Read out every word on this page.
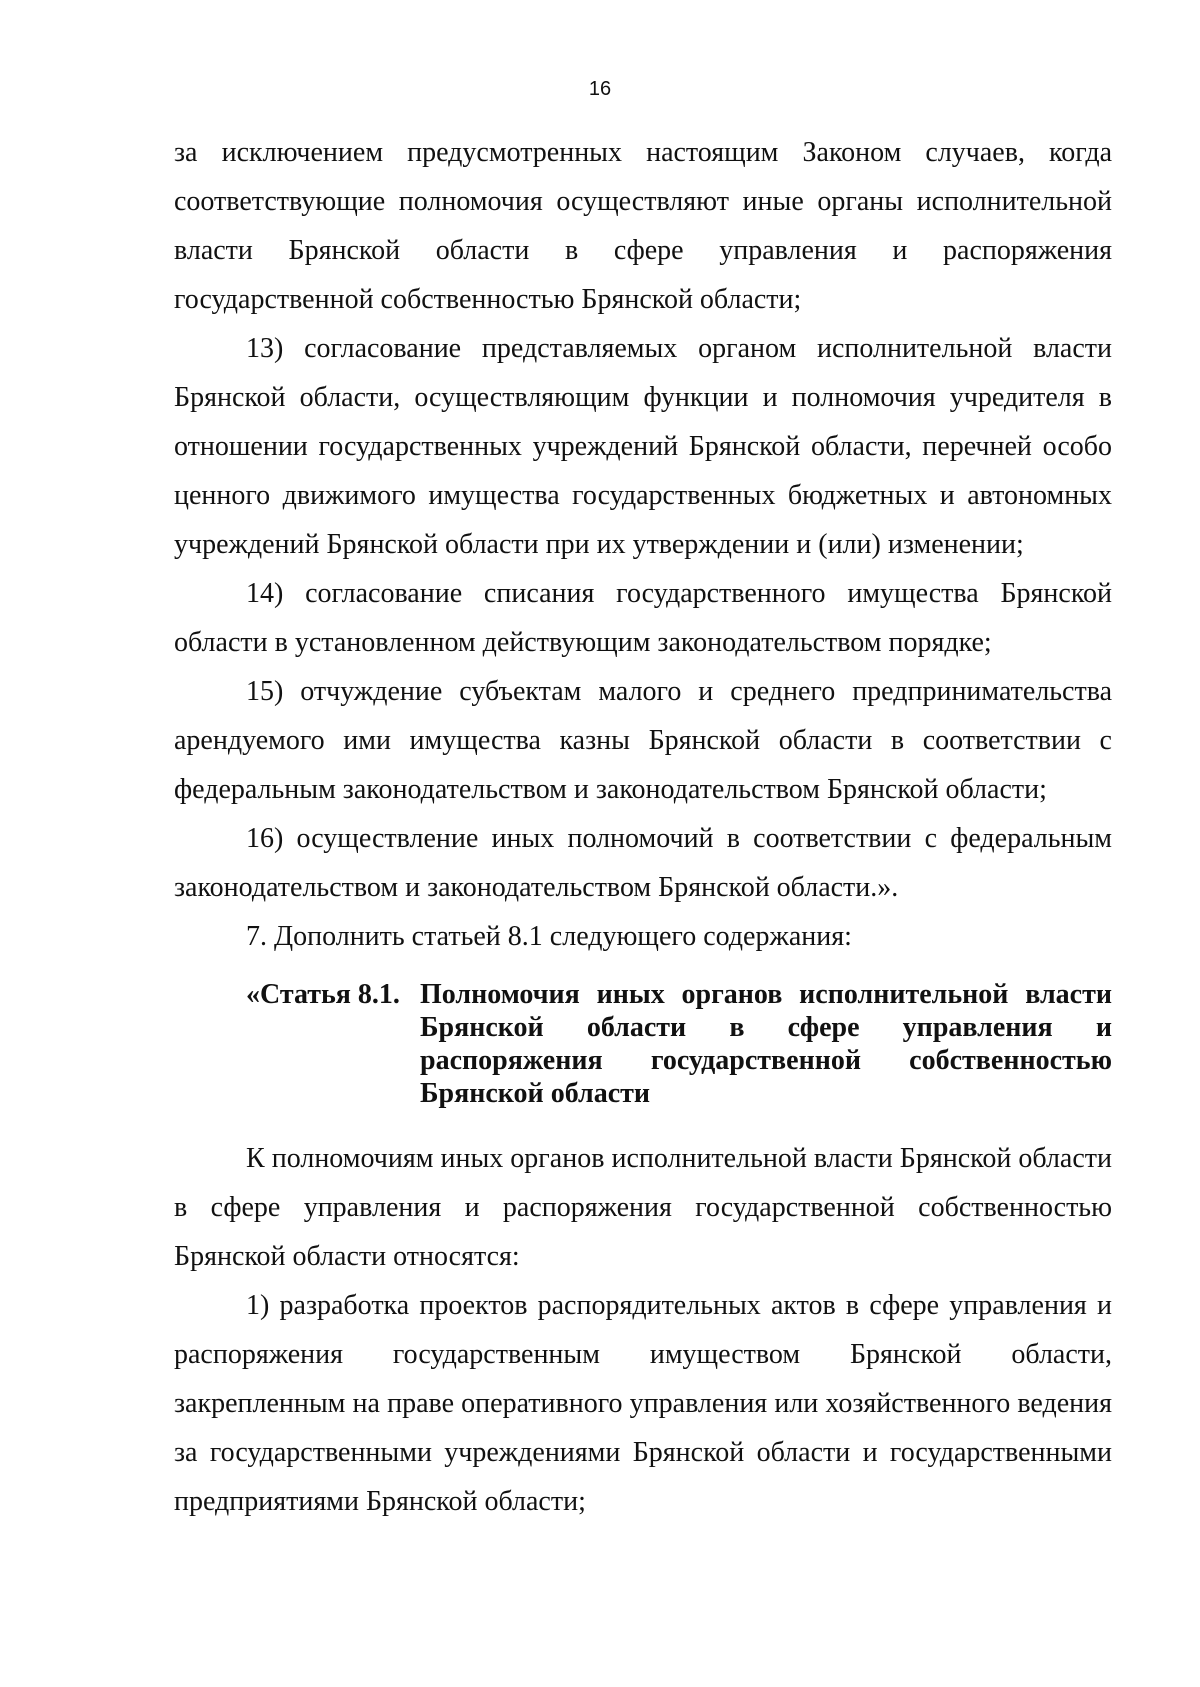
16

за исключением предусмотренных настоящим Законом случаев, когда соответствующие полномочия осуществляют иные органы исполнительной власти Брянской области в сфере управления и распоряжения государственной собственностью Брянской области;

13) согласование представляемых органом исполнительной власти Брянской области, осуществляющим функции и полномочия учредителя в отношении государственных учреждений Брянской области, перечней особо ценного движимого имущества государственных бюджетных и автономных учреждений Брянской области при их утверждении и (или) изменении;

14) согласование списания государственного имущества Брянской области в установленном действующим законодательством порядке;

15) отчуждение субъектам малого и среднего предпринимательства арендуемого ими имущества казны Брянской области в соответствии с федеральным законодательством и законодательством Брянской области;

16) осуществление иных полномочий в соответствии с федеральным законодательством и законодательством Брянской области.».

7. Дополнить статьей 8.1 следующего содержания:

«Статья 8.1. Полномочия иных органов исполнительной власти Брянской области в сфере управления и распоряжения государственной собственностью Брянской области

К полномочиям иных органов исполнительной власти Брянской области в сфере управления и распоряжения государственной собственностью Брянской области относятся:

1) разработка проектов распорядительных актов в сфере управления и распоряжения государственным имуществом Брянской области, закрепленным на праве оперативного управления или хозяйственного ведения за государственными учреждениями Брянской области и государственными предприятиями Брянской области;
